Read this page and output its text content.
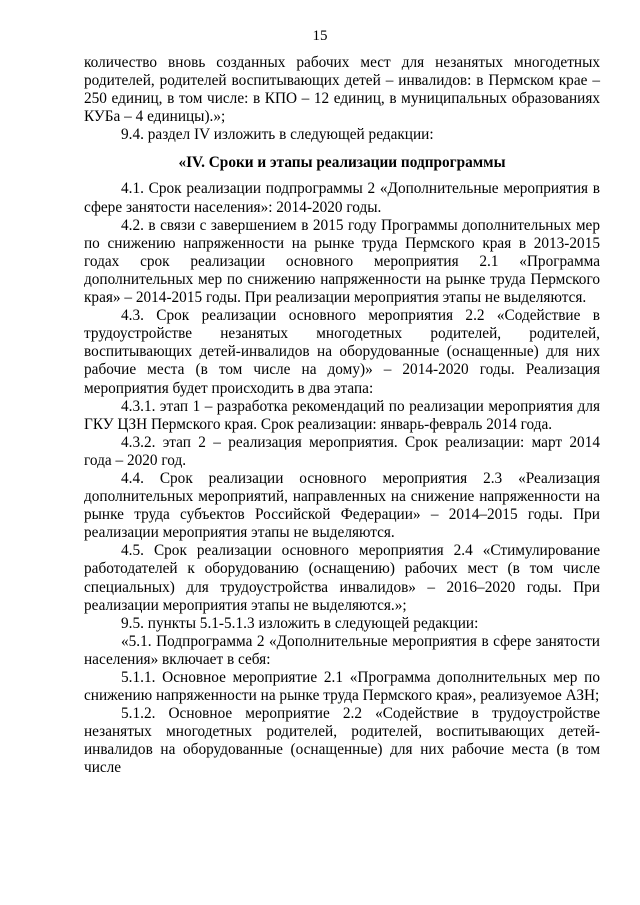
15

количество вновь созданных рабочих мест для незанятых многодетных родителей, родителей воспитывающих детей – инвалидов: в Пермском крае – 250 единиц, в том числе: в КПО – 12 единиц, в муниципальных образованиях КУБа – 4 единицы).»;

9.4. раздел IV изложить в следующей редакции:

«IV. Сроки и этапы реализации подпрограммы

4.1. Срок реализации подпрограммы 2 «Дополнительные мероприятия в сфере занятости населения»: 2014-2020 годы.

4.2. в связи с завершением в 2015 году Программы дополнительных мер по снижению напряженности на рынке труда Пермского края в 2013-2015 годах срок реализации основного мероприятия 2.1 «Программа дополнительных мер по снижению напряженности на рынке труда Пермского края» – 2014-2015 годы. При реализации мероприятия этапы не выделяются.

4.3. Срок реализации основного мероприятия 2.2 «Содействие в трудоустройстве незанятых многодетных родителей, родителей, воспитывающих детей-инвалидов на оборудованные (оснащенные) для них рабочие места (в том числе на дому)» – 2014-2020 годы. Реализация мероприятия будет происходить в два этапа:

4.3.1. этап 1 – разработка рекомендаций по реализации мероприятия для ГКУ ЦЗН Пермского края. Срок реализации: январь-февраль 2014 года.

4.3.2. этап 2 – реализация мероприятия. Срок реализации: март 2014 года – 2020 год.

4.4. Срок реализации основного мероприятия 2.3 «Реализация дополнительных мероприятий, направленных на снижение напряженности на рынке труда субъектов Российской Федерации» – 2014–2015 годы. При реализации мероприятия этапы не выделяются.

4.5. Срок реализации основного мероприятия 2.4 «Стимулирование работодателей к оборудованию (оснащению) рабочих мест (в том числе специальных) для трудоустройства инвалидов» – 2016–2020 годы. При реализации мероприятия этапы не выделяются.»;

9.5. пункты 5.1-5.1.3 изложить в следующей редакции:

«5.1. Подпрограмма 2 «Дополнительные мероприятия в сфере занятости населения» включает в себя:

5.1.1. Основное мероприятие 2.1 «Программа дополнительных мер по снижению напряженности на рынке труда Пермского края», реализуемое АЗН;

5.1.2. Основное мероприятие 2.2 «Содействие в трудоустройстве незанятых многодетных родителей, родителей, воспитывающих детей-инвалидов на оборудованные (оснащенные) для них рабочие места (в том числе
